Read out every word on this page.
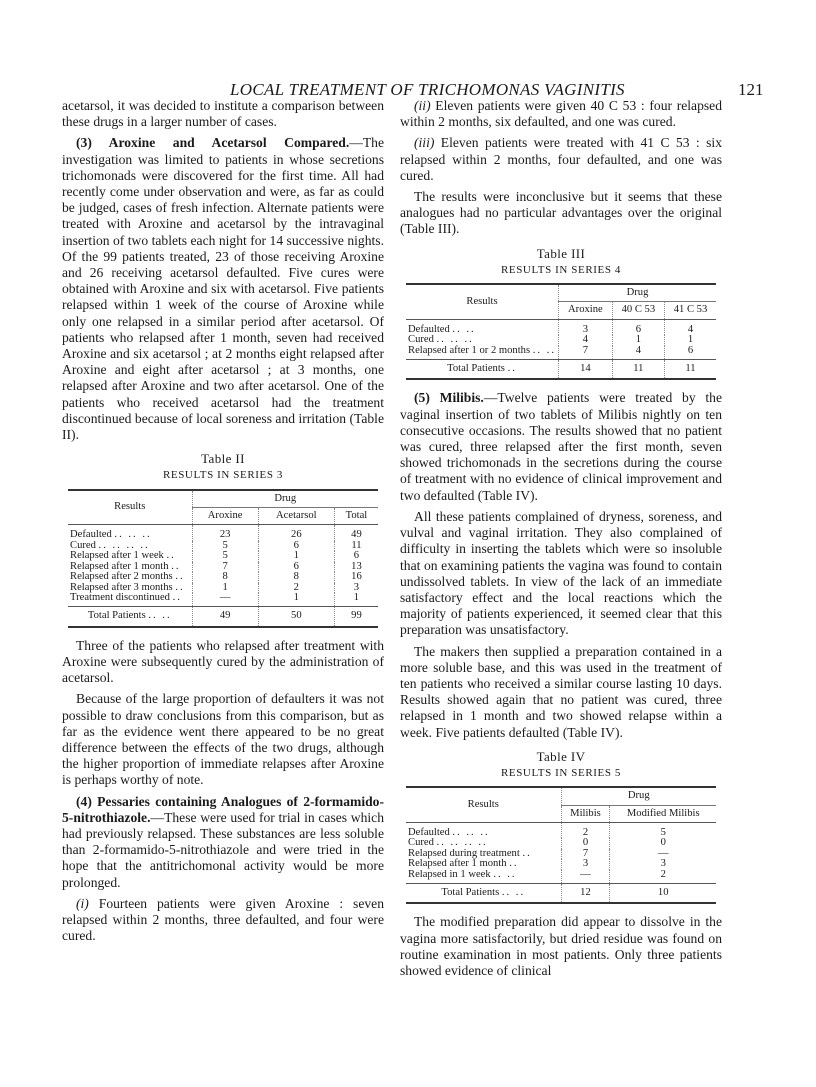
LOCAL TREATMENT OF TRICHOMONAS VAGINITIS	121

acetarsol, it was decided to institute a comparison between these drugs in a larger number of cases.

(3) Aroxine and Acetarsol Compared.—The investigation was limited to patients in whose secretions trichomonads were discovered for the first time. All had recently come under observation and were, as far as could be judged, cases of fresh infection. Alternate patients were treated with Aroxine and acetarsol by the intravaginal insertion of two tablets each night for 14 successive nights. Of the 99 patients treated, 23 of those receiving Aroxine and 26 receiving acetarsol defaulted. Five cures were obtained with Aroxine and six with acetarsol. Five patients relapsed within 1 week of the course of Aroxine while only one relapsed in a similar period after acetarsol. Of patients who relapsed after 1 month, seven had received Aroxine and six acetarsol ; at 2 months eight relapsed after Aroxine and eight after acetarsol ; at 3 months, one relapsed after Aroxine and two after acetarsol. One of the patients who received acetarsol had the treatment discontinued because of local soreness and irritation (Table II).

Table II
RESULTS IN SERIES 3
Results	Drug		
	Aroxine	Acetarsol	Total
Defaulted .. .. ..	23	26	49
Cured .. .. .. ..	5	6	11
Relapsed after 1 week ..	5	1	6
Relapsed after 1 month ..	7	6	13
Relapsed after 2 months ..	8	8	16
Relapsed after 3 months ..	1	2	3
Treatment discontinued ..	—	1	1
Total Patients .. ..	49	50	99

Three of the patients who relapsed after treatment with Aroxine were subsequently cured by the administration of acetarsol.

Because of the large proportion of defaulters it was not possible to draw conclusions from this comparison, but as far as the evidence went there appeared to be no great difference between the effects of the two drugs, although the higher proportion of immediate relapses after Aroxine is perhaps worthy of note.

(4) Pessaries containing Analogues of 2-formamido-5-nitrothiazole.—These were used for trial in cases which had previously relapsed. These substances are less soluble than 2-formamido-5-nitrothiazole and were tried in the hope that the antitrichomonal activity would be more prolonged.

(i) Fourteen patients were given Aroxine : seven relapsed within 2 months, three defaulted, and four were cured.

(ii) Eleven patients were given 40 C 53 : four relapsed within 2 months, six defaulted, and one was cured.

(iii) Eleven patients were treated with 41 C 53 : six relapsed within 2 months, four defaulted, and one was cured.

The results were inconclusive but it seems that these analogues had no particular advantages over the original (Table III).

Table III
RESULTS IN SERIES 4
Results	Drug		
	Aroxine	40 C 53	41 C 53
Defaulted .. ..	3	6	4
Cured .. .. ..	4	1	1
Relapsed after 1 or 2 months .. ..	7	4	6
Total Patients ..	14	11	11

(5) Milibis.—Twelve patients were treated by the vaginal insertion of two tablets of Milibis nightly on ten consecutive occasions. The results showed that no patient was cured, three relapsed after the first month, seven showed trichomonads in the secretions during the course of treatment with no evidence of clinical improvement and two defaulted (Table IV).

All these patients complained of dryness, soreness, and vulval and vaginal irritation. They also complained of difficulty in inserting the tablets which were so insoluble that on examining patients the vagina was found to contain undissolved tablets. In view of the lack of an immediate satisfactory effect and the local reactions which the majority of patients experienced, it seemed clear that this preparation was unsatisfactory.

The makers then supplied a preparation contained in a more soluble base, and this was used in the treatment of ten patients who received a similar course lasting 10 days. Results showed again that no patient was cured, three relapsed in 1 month and two showed relapse within a week. Five patients defaulted (Table IV).

Table IV
RESULTS IN SERIES 5
Results	Drug	
	Milibis	Modified Milibis
Defaulted .. .. ..	2	5
Cured .. .. .. ..	0	0
Relapsed during treatment ..	7	—
Relapsed after 1 month ..	3	3
Relapsed in 1 week .. ..	—	2
Total Patients .. ..	12	10

The modified preparation did appear to dissolve in the vagina more satisfactorily, but dried residue was found on routine examination in most patients. Only three patients showed evidence of clinical
